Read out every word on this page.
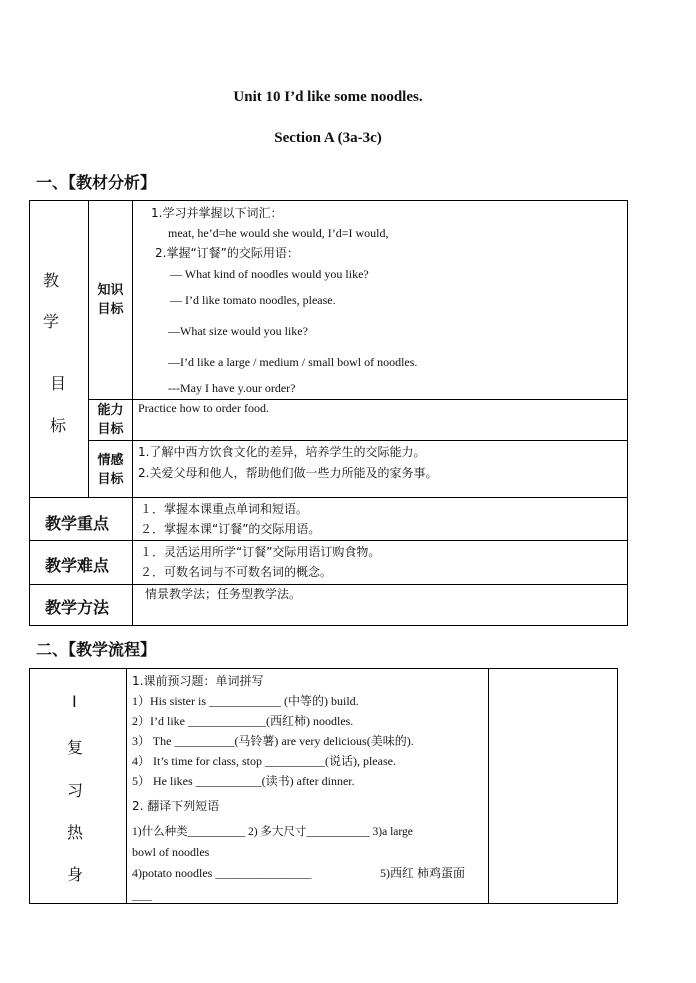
Unit 10 I’d like some noodles.
Section A (3a-3c)
一、【教材分析】
教
学
目
标
知识
目标
1.学习并掌握以下词汇：
meat, he’d=he would she would, I’d=I would,
2.掌握“订餐”的交际用语：
— What kind of noodles would you like?
— I’d like tomato noodles, please.
—What size would you like?
—I’d like a large / medium / small bowl of noodles.
---May I have y.our order?
能力
目标
Practice how to order food.
情感
目标
1.了解中西方饮食文化的差异，培养学生的交际能力。
2.关爱父母和他人，帮助他们做一些力所能及的家务事。
教学重点
１．掌握本课重点单词和短语。
２．掌握本课“订餐”的交际用语。
教学难点
１．灵活运用所学“订餐”交际用语订购食物。
２．可数名词与不可数名词的概念。
教学方法
情景教学法；任务型教学法。
二、【教学流程】
Ⅰ
复
习
热
身
1.课前预习题：单词拼写
1）His sister is ____________ (中等的) build.
2）I’d like _____________(西红柿) noodles.
3） The __________(马铃薯) are very delicious(美味的).
4） It’s time for class, stop __________(说话), please.
5） He likes ___________(读书) after dinner.
2. 翻译下列短语
1)什么种类__________ 2) 多大尺寸___________ 3)a large
bowl of noodles
4)potato noodles ________________	5)西红 柿鸡蛋面
____
